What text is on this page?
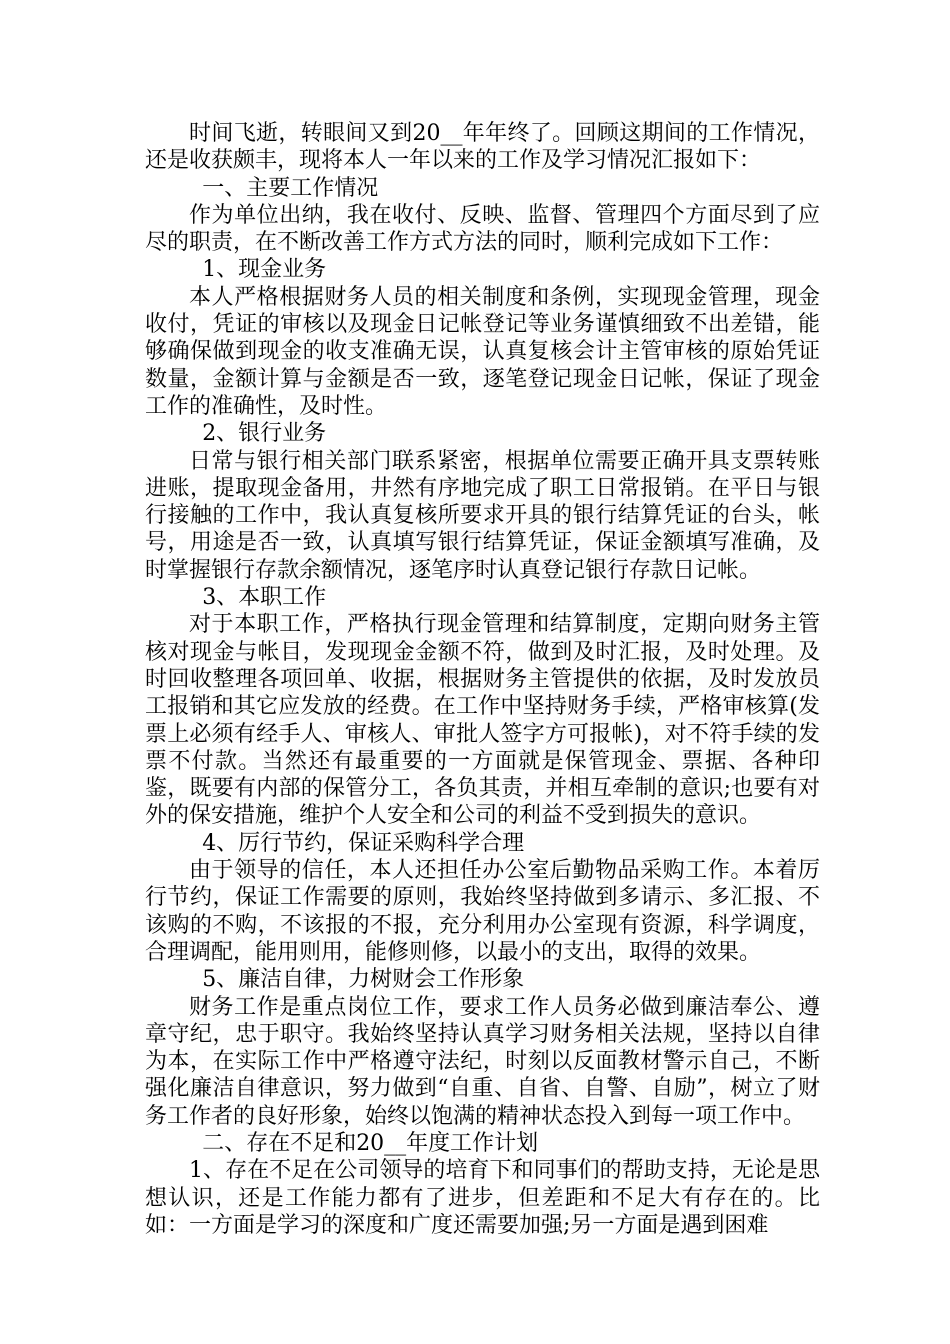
时间飞逝，转眼间又到20__年年终了。回顾这期间的工作情况，还是收获颇丰，现将本人一年以来的工作及学习情况汇报如下：

一、主要工作情况

作为单位出纳，我在收付、反映、监督、管理四个方面尽到了应尽的职责，在不断改善工作方式方法的同时，顺利完成如下工作：

1、现金业务

本人严格根据财务人员的相关制度和条例，实现现金管理，现金收付，凭证的审核以及现金日记帐登记等业务谨慎细致不出差错，能够确保做到现金的收支准确无误，认真复核会计主管审核的原始凭证数量，金额计算与金额是否一致，逐笔登记现金日记帐，保证了现金工作的准确性，及时性。

2、银行业务

日常与银行相关部门联系紧密，根据单位需要正确开具支票转账进账，提取现金备用，井然有序地完成了职工日常报销。在平日与银行接触的工作中，我认真复核所要求开具的银行结算凭证的台头，帐号，用途是否一致，认真填写银行结算凭证，保证金额填写准确，及时掌握银行存款余额情况，逐笔序时认真登记银行存款日记帐。

3、本职工作

对于本职工作，严格执行现金管理和结算制度，定期向财务主管核对现金与帐目，发现现金金额不符，做到及时汇报，及时处理。及时回收整理各项回单、收据，根据财务主管提供的依据，及时发放员工报销和其它应发放的经费。在工作中坚持财务手续，严格审核算(发票上必须有经手人、审核人、审批人签字方可报帐)，对不符手续的发票不付款。当然还有最重要的一方面就是保管现金、票据、各种印鉴，既要有内部的保管分工，各负其责，并相互牵制的意识;也要有对外的保安措施，维护个人安全和公司的利益不受到损失的意识。

4、厉行节约，保证采购科学合理

由于领导的信任，本人还担任办公室后勤物品采购工作。本着厉行节约，保证工作需要的原则，我始终坚持做到多请示、多汇报、不该购的不购，不该报的不报，充分利用办公室现有资源，科学调度，合理调配，能用则用，能修则修，以最小的支出，取得的效果。

5、廉洁自律，力树财会工作形象

财务工作是重点岗位工作，要求工作人员务必做到廉洁奉公、遵章守纪，忠于职守。我始终坚持认真学习财务相关法规，坚持以自律为本，在实际工作中严格遵守法纪，时刻以反面教材警示自己，不断强化廉洁自律意识，努力做到“自重、自省、自警、自励”，树立了财务工作者的良好形象，始终以饱满的精神状态投入到每一项工作中。

二、存在不足和20__年度工作计划

1、存在不足在公司领导的培育下和同事们的帮助支持，无论是思想认识，还是工作能力都有了进步，但差距和不足大有存在的。比如：一方面是学习的深度和广度还需要加强;另一方面是遇到困难
